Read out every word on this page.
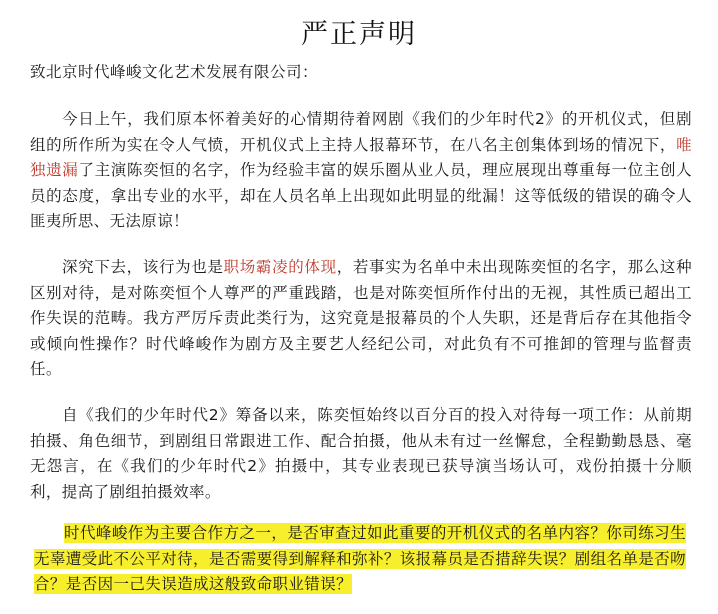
严正声明
致北京时代峰峻文化艺术发展有限公司：

今日上午，我们原本怀着美好的心情期待着网剧《我们的少年时代2》的开机仪式，但剧组的所作所为实在令人气愤，开机仪式上主持人报幕环节，在八名主创集体到场的情况下，唯独遗漏了主演陈奕恒的名字，作为经验丰富的娱乐圈从业人员，理应展现出尊重每一位主创人员的态度，拿出专业的水平，却在人员名单上出现如此明显的纰漏！这等低级的错误的确令人匪夷所思、无法原谅！

深究下去，该行为也是职场霸凌的体现，若事实为名单中未出现陈奕恒的名字，那么这种区别对待，是对陈奕恒个人尊严的严重践踏，也是对陈奕恒所作付出的无视，其性质已超出工作失误的范畴。我方严厉斥责此类行为，这究竟是报幕员的个人失职，还是背后存在其他指令或倾向性操作？时代峰峻作为剧方及主要艺人经纪公司，对此负有不可推卸的管理与监督责任。

自《我们的少年时代2》筹备以来，陈奕恒始终以百分百的投入对待每一项工作：从前期拍摄、角色细节，到剧组日常跟进工作、配合拍摄，他从未有过一丝懈怠，全程勤勤恳恳、毫无怨言，在《我们的少年时代2》拍摄中，其专业表现已获导演当场认可，戏份拍摄十分顺利，提高了剧组拍摄效率。

时代峰峻作为主要合作方之一，是否审查过如此重要的开机仪式的名单内容？你司练习生无辜遭受此不公平对待，是否需要得到解释和弥补？该报幕员是否措辞失误？剧组名单是否吻合？是否因一己失误造成这般致命职业错误？
